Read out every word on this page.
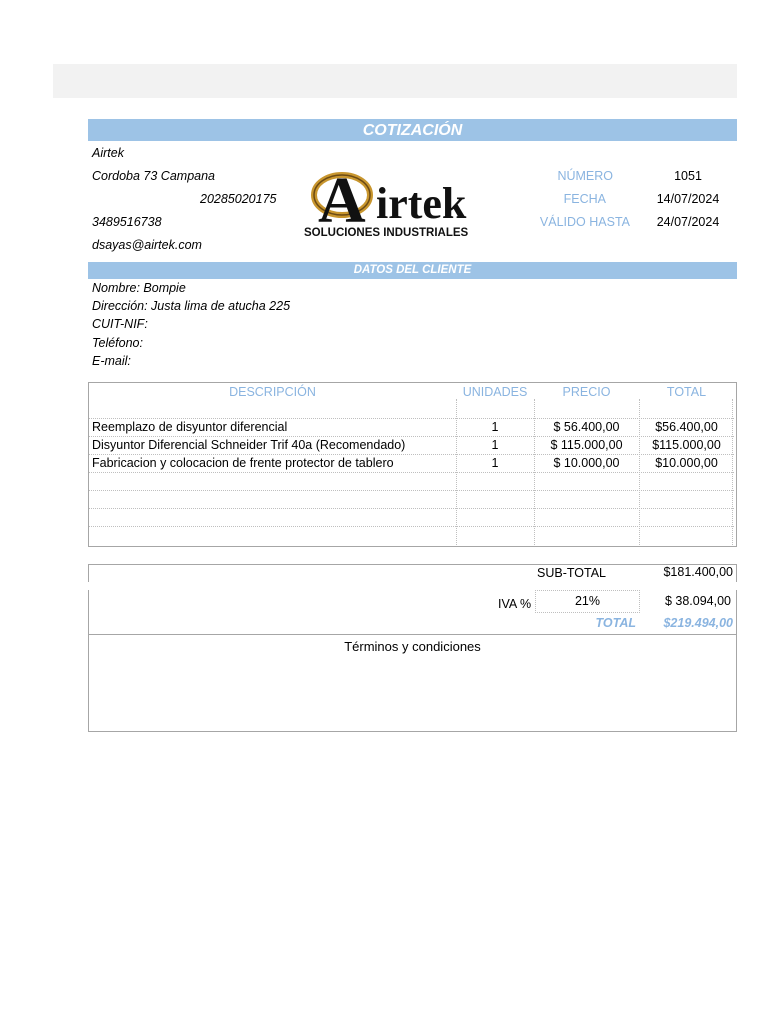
COTIZACIÓN
Airtek
Cordoba 73 Campana
20285020175
3489516738
dsayas@airtek.com
A irtek
SOLUCIONES INDUSTRIALES
NÚMERO	1051
FECHA	14/07/2024
VÁLIDO HASTA	24/07/2024
DATOS DEL CLIENTE
Nombre: Bompie
Dirección: Justa lima de atucha 225
CUIT-NIF:
Teléfono:
E-mail:
DESCRIPCIÓN	UNIDADES	PRECIO	TOTAL
Reemplazo de disyuntor diferencial	1	$ 56.400,00	$56.400,00
Disyuntor Diferencial Schneider Trif 40a (Recomendado)	1	$ 115.000,00	$115.000,00
Fabricacion y colocacion de frente protector de tablero	1	$ 10.000,00	$10.000,00
SUB-TOTAL	$181.400,00
IVA %	21%	$ 38.094,00
TOTAL	$219.494,00
Términos y condiciones
